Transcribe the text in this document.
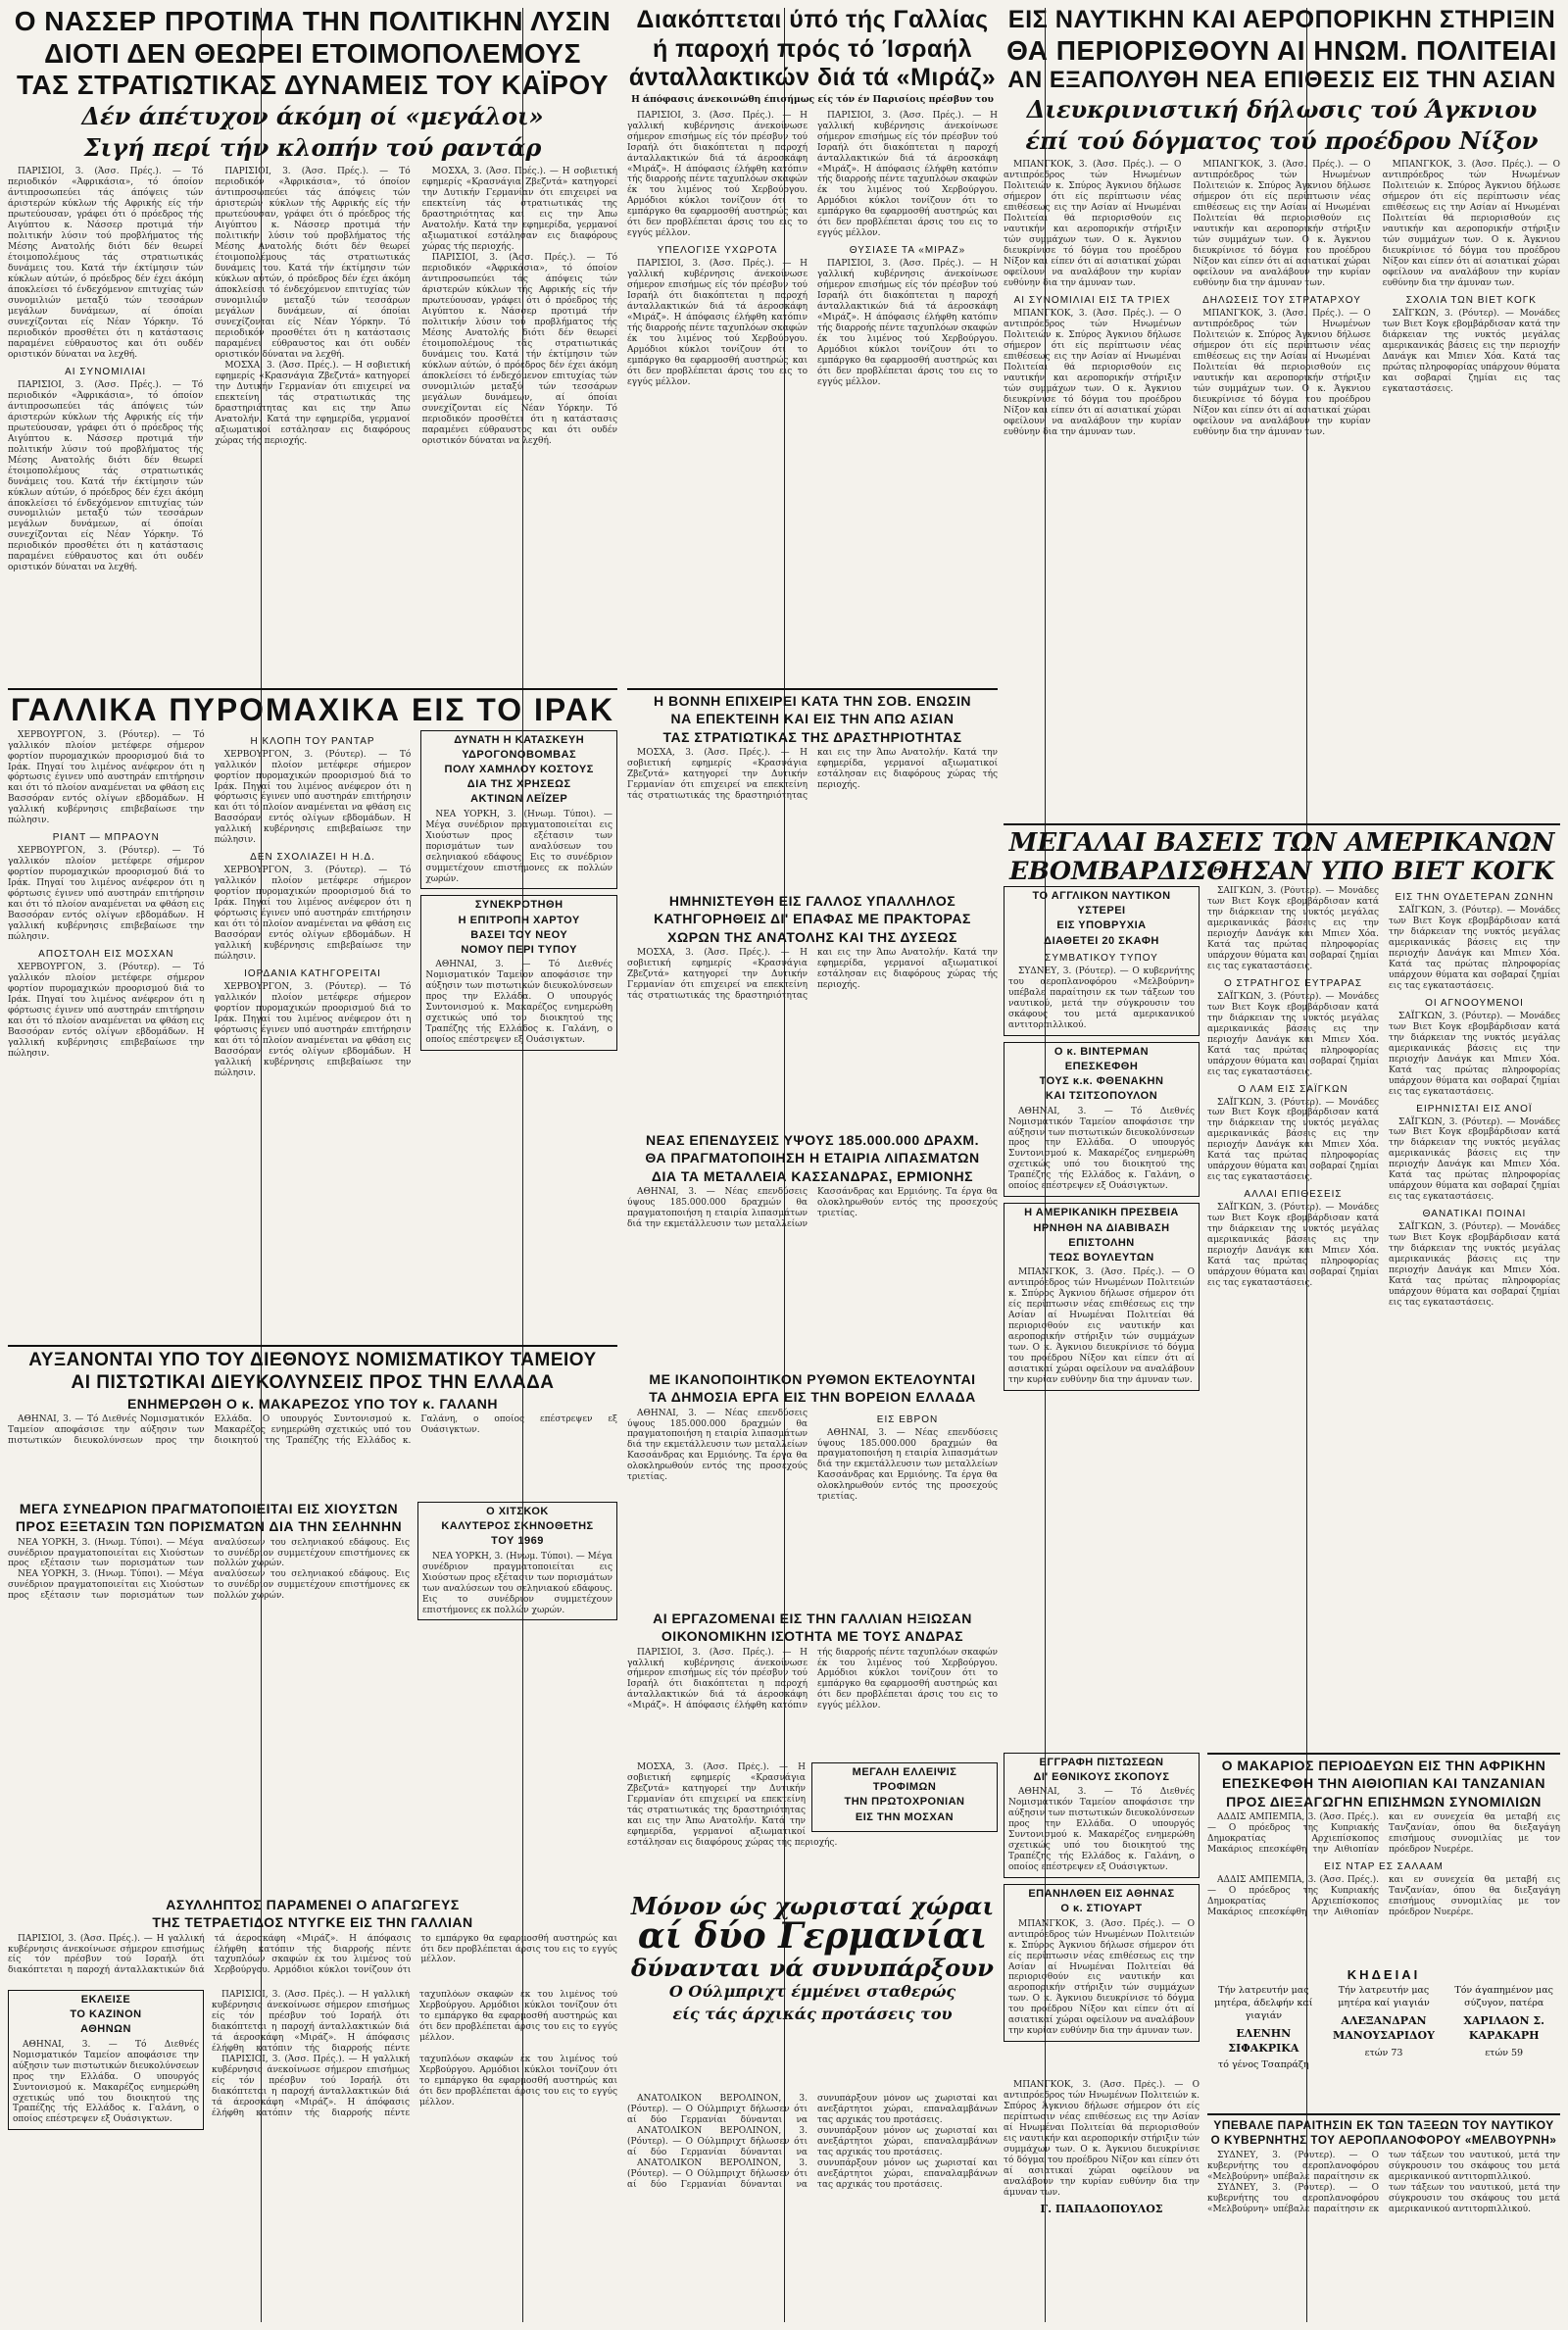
Ο ΝΑΣΣΕΡ ΠΡΟΤΙΜΑ ΤΗΝ ΠΟΛΙΤΙΚΗΝ ΛΥΣΙΝ
ΔΙΟΤΙ ΔΕΝ ΘΕΩΡΕΙ ΕΤΟΙΜΟΠΟΛΕΜΟΥΣ
ΤΑΣ ΣΤΡΑΤΙΩΤΙΚΑΣ ΔΥΝΑΜΕΙΣ ΤΟΥ ΚΑΪΡΟΥ
Δέν άπέτυχον άκόμη οί «μεγάλοι»
Σιγή περί τήν κλοπήν τού ραντάρ

ΠΑΡΙΣΙΟΙ, 3. (Άσσ. Πρές.). — Τό περιοδικόν «Άφρικάσια», τό όποίον άντιπροσωπεύει τάς άπόψεις τών άριστερών κύκλων τής Αφρικής είς τήν πρωτεύουσαν, γράφει ότι ό πρόεδρος τής Αιγύπτου κ. Νάσσερ προτιμά τήν πολιτικήν λύσιν τού προβλήματος τής Μέσης Ανατολής διότι δέν θεωρεί έτοιμοπολέμους τάς στρατιωτικάς δυνάμεις του. Κατά τήν έκτίμησιν τών κύκλων αύτών, ό πρόεδρος δέν έχει άκόμη άποκλείσει τό ένδεχόμενον επιτυχίας τών συνομιλιών μεταξύ τών τεσσάρων μεγάλων δυνάμεων, αί όποίαι συνεχίζονται είς Νέαν Υόρκην. Τό περιοδικόν προσθέτει ότι η κατάστασις παραμένει εύθραυστος και ότι ουδέν οριστικόν δύναται να λεχθή.

ΑΙ ΣΥΝΟΜΙΛΙΑΙ

ΠΑΡΙΣΙΟΙ, 3. (Άσσ. Πρές.). — Τό περιοδικόν «Άφρικάσια», τό όποίον άντιπροσωπεύει τάς άπόψεις τών άριστερών κύκλων τής Αφρικής είς τήν πρωτεύουσαν, γράφει ότι ό πρόεδρος τής Αιγύπτου κ. Νάσσερ προτιμά τήν πολιτικήν λύσιν τού προβλήματος τής Μέσης Ανατολής διότι δέν θεωρεί έτοιμοπολέμους τάς στρατιωτικάς δυνάμεις του. Κατά τήν έκτίμησιν τών κύκλων αύτών, ό πρόεδρος δέν έχει άκόμη άποκλείσει τό ένδεχόμενον επιτυχίας τών συνομιλιών μεταξύ τών τεσσάρων μεγάλων δυνάμεων, αί όποίαι συνεχίζονται είς Νέαν Υόρκην. Τό περιοδικόν προσθέτει ότι η κατάστασις παραμένει εύθραυστος και ότι ουδέν οριστικόν δύναται να λεχθή.

ΠΑΡΙΣΙΟΙ, 3. (Άσσ. Πρές.). — Τό περιοδικόν «Άφρικάσια», τό όποίον άντιπροσωπεύει τάς άπόψεις τών άριστερών κύκλων τής Αφρικής είς τήν πρωτεύουσαν, γράφει ότι ό πρόεδρος τής Αιγύπτου κ. Νάσσερ προτιμά τήν πολιτικήν λύσιν τού προβλήματος τής Μέσης Ανατολής διότι δέν θεωρεί έτοιμοπολέμους τάς στρατιωτικάς δυνάμεις του. Κατά τήν έκτίμησιν τών κύκλων αύτών, ό πρόεδρος δέν έχει άκόμη άποκλείσει τό ένδεχόμενον επιτυχίας τών συνομιλιών μεταξύ τών τεσσάρων μεγάλων δυνάμεων, αί όποίαι συνεχίζονται είς Νέαν Υόρκην. Τό περιοδικόν προσθέτει ότι η κατάστασις παραμένει εύθραυστος και ότι ουδέν οριστικόν δύναται να λεχθή.

ΜΟΣΧΑ, 3. (Άσσ. Πρές.). — Η σοβιετική εφημερίς «Κρασνάγια Ζβεζντά» κατηγορεί την Δυτικήν Γερμανίαν ότι επιχειρεί να επεκτείνη τάς στρατιωτικάς της δραστηριότητας και εις την Άπω Ανατολήν. Κατά την εφημερίδα, γερμανοί αξιωματικοί εστάλησαν εις διαφόρους χώρας τής περιοχής.

ΜΟΣΧΑ, 3. (Άσσ. Πρές.). — Η σοβιετική εφημερίς «Κρασνάγια Ζβεζντά» κατηγορεί την Δυτικήν Γερμανίαν ότι επιχειρεί να επεκτείνη τάς στρατιωτικάς της δραστηριότητας και εις την Άπω Ανατολήν. Κατά την εφημερίδα, γερμανοί αξιωματικοί εστάλησαν εις διαφόρους χώρας τής περιοχής.

ΠΑΡΙΣΙΟΙ, 3. (Άσσ. Πρές.). — Τό περιοδικόν «Άφρικάσια», τό όποίον άντιπροσωπεύει τάς άπόψεις τών άριστερών κύκλων τής Αφρικής είς τήν πρωτεύουσαν, γράφει ότι ό πρόεδρος τής Αιγύπτου κ. Νάσσερ προτιμά τήν πολιτικήν λύσιν τού προβλήματος τής Μέσης Ανατολής διότι δέν θεωρεί έτοιμοπολέμους τάς στρατιωτικάς δυνάμεις του. Κατά τήν έκτίμησιν τών κύκλων αύτών, ό πρόεδρος δέν έχει άκόμη άποκλείσει τό ένδεχόμενον επιτυχίας τών συνομιλιών μεταξύ τών τεσσάρων μεγάλων δυνάμεων, αί όποίαι συνεχίζονται είς Νέαν Υόρκην. Τό περιοδικόν προσθέτει ότι η κατάστασις παραμένει εύθραυστος και ότι ουδέν οριστικόν δύναται να λεχθή.

Διακόπτεται ύπό τής Γαλλίας
ή παροχή πρός τό Ίσραήλ
άνταλλακτικών διά τά «Μιράζ»
Η άπόφασις άνεκοινώθη έπισήμως είς τόν έν Παρισίοις πρέσβυν του

ΠΑΡΙΣΙΟΙ, 3. (Άσσ. Πρές.). — Η γαλλική κυβέρνησις άνεκοίνωσε σήμερον επισήμως είς τόν πρέσβυν τού Ισραήλ ότι διακόπτεται η παροχή άνταλλακτικών διά τά άεροσκάφη «Μιράζ». Η άπόφασις έλήφθη κατόπιν τής διαρροής πέντε ταχυπλόων σκαφών έκ του λιμένος τού Χερβούργου. Αρμόδιοι κύκλοι τονίζουν ότι το εμπάργκο θα εφαρμοσθή αυστηρώς και ότι δεν προβλέπεται άρσις του εις το εγγύς μέλλον.

ΥΠΕΛΟΓΙΣΕ ΥΧΩΡΟΤΑ

ΠΑΡΙΣΙΟΙ, 3. (Άσσ. Πρές.). — Η γαλλική κυβέρνησις άνεκοίνωσε σήμερον επισήμως είς τόν πρέσβυν τού Ισραήλ ότι διακόπτεται η παροχή άνταλλακτικών διά τά άεροσκάφη «Μιράζ». Η άπόφασις έλήφθη κατόπιν τής διαρροής πέντε ταχυπλόων σκαφών έκ του λιμένος τού Χερβούργου. Αρμόδιοι κύκλοι τονίζουν ότι το εμπάργκο θα εφαρμοσθή αυστηρώς και ότι δεν προβλέπεται άρσις του εις το εγγύς μέλλον.

ΠΑΡΙΣΙΟΙ, 3. (Άσσ. Πρές.). — Η γαλλική κυβέρνησις άνεκοίνωσε σήμερον επισήμως είς τόν πρέσβυν τού Ισραήλ ότι διακόπτεται η παροχή άνταλλακτικών διά τά άεροσκάφη «Μιράζ». Η άπόφασις έλήφθη κατόπιν τής διαρροής πέντε ταχυπλόων σκαφών έκ του λιμένος τού Χερβούργου. Αρμόδιοι κύκλοι τονίζουν ότι το εμπάργκο θα εφαρμοσθή αυστηρώς και ότι δεν προβλέπεται άρσις του εις το εγγύς μέλλον.

ΘΥΣΙΑΣΕ ΤΑ «ΜΙΡΑΖ»

ΠΑΡΙΣΙΟΙ, 3. (Άσσ. Πρές.). — Η γαλλική κυβέρνησις άνεκοίνωσε σήμερον επισήμως είς τόν πρέσβυν τού Ισραήλ ότι διακόπτεται η παροχή άνταλλακτικών διά τά άεροσκάφη «Μιράζ». Η άπόφασις έλήφθη κατόπιν τής διαρροής πέντε ταχυπλόων σκαφών έκ του λιμένος τού Χερβούργου. Αρμόδιοι κύκλοι τονίζουν ότι το εμπάργκο θα εφαρμοσθή αυστηρώς και ότι δεν προβλέπεται άρσις του εις το εγγύς μέλλον.

ΕΙΣ ΝΑΥΤΙΚΗΝ ΚΑΙ ΑΕΡΟΠΟΡΙΚΗΝ ΣΤΗΡΙΞΙΝ
ΘΑ ΠΕΡΙΟΡΙΣΘΟΥΝ ΑΙ ΗΝΩΜ. ΠΟΛΙΤΕΙΑΙ
ΑΝ ΕΞΑΠΟΛΥΘΗ ΝΕΑ ΕΠΙΘΕΣΙΣ ΕΙΣ ΤΗΝ ΑΣΙΑΝ
Διευκρινιστική δήλωσις τού Άγκνιου
έπί τού δόγματος τού προέδρου Νίξον

ΜΠΑΝΓΚΟΚ, 3. (Άσσ. Πρές.). — Ο αντιπρόεδρος τών Ηνωμένων Πολιτειών κ. Σπύρος Άγκνιου δήλωσε σήμερον ότι είς περίπτωσιν νέας επιθέσεως εις την Ασίαν αί Ηνωμέναι Πολιτείαι θά περιορισθούν εις ναυτικήν και αεροπορικήν στήριξιν τών συμμάχων των. Ο κ. Άγκνιου διευκρίνισε τό δόγμα του προέδρου Νίξον και είπεν ότι αί ασιατικαί χώραι οφείλουν να αναλάβουν την κυρίαν ευθύνην δια την άμυναν των.

ΑΙ ΣΥΝΟΜΙΛΙΑΙ ΕΙΣ ΤΑ ΤΡΙΕΧ

ΜΠΑΝΓΚΟΚ, 3. (Άσσ. Πρές.). — Ο αντιπρόεδρος τών Ηνωμένων Πολιτειών κ. Σπύρος Άγκνιου δήλωσε σήμερον ότι είς περίπτωσιν νέας επιθέσεως εις την Ασίαν αί Ηνωμέναι Πολιτείαι θά περιορισθούν εις ναυτικήν και αεροπορικήν στήριξιν τών συμμάχων των. Ο κ. Άγκνιου διευκρίνισε τό δόγμα του προέδρου Νίξον και είπεν ότι αί ασιατικαί χώραι οφείλουν να αναλάβουν την κυρίαν ευθύνην δια την άμυναν των.

ΜΠΑΝΓΚΟΚ, 3. (Άσσ. Πρές.). — Ο αντιπρόεδρος τών Ηνωμένων Πολιτειών κ. Σπύρος Άγκνιου δήλωσε σήμερον ότι είς περίπτωσιν νέας επιθέσεως εις την Ασίαν αί Ηνωμέναι Πολιτείαι θά περιορισθούν εις ναυτικήν και αεροπορικήν στήριξιν τών συμμάχων των. Ο κ. Άγκνιου διευκρίνισε τό δόγμα του προέδρου Νίξον και είπεν ότι αί ασιατικαί χώραι οφείλουν να αναλάβουν την κυρίαν ευθύνην δια την άμυναν των.

ΔΗΛΩΣΕΙΣ ΤΟΥ ΣΤΡΑΤΑΡΧΟΥ

ΜΠΑΝΓΚΟΚ, 3. (Άσσ. Πρές.). — Ο αντιπρόεδρος τών Ηνωμένων Πολιτειών κ. Σπύρος Άγκνιου δήλωσε σήμερον ότι είς περίπτωσιν νέας επιθέσεως εις την Ασίαν αί Ηνωμέναι Πολιτείαι θά περιορισθούν εις ναυτικήν και αεροπορικήν στήριξιν τών συμμάχων των. Ο κ. Άγκνιου διευκρίνισε τό δόγμα του προέδρου Νίξον και είπεν ότι αί ασιατικαί χώραι οφείλουν να αναλάβουν την κυρίαν ευθύνην δια την άμυναν των.

ΜΠΑΝΓΚΟΚ, 3. (Άσσ. Πρές.). — Ο αντιπρόεδρος τών Ηνωμένων Πολιτειών κ. Σπύρος Άγκνιου δήλωσε σήμερον ότι είς περίπτωσιν νέας επιθέσεως εις την Ασίαν αί Ηνωμέναι Πολιτείαι θά περιορισθούν εις ναυτικήν και αεροπορικήν στήριξιν τών συμμάχων των. Ο κ. Άγκνιου διευκρίνισε τό δόγμα του προέδρου Νίξον και είπεν ότι αί ασιατικαί χώραι οφείλουν να αναλάβουν την κυρίαν ευθύνην δια την άμυναν των.

ΣΧΟΛΙΑ ΤΩΝ ΒΙΕΤ ΚΟΓΚ

ΣΑΪΓΚΩΝ, 3. (Ρόυτερ). — Μονάδες των Βιετ Κογκ εβομβάρδισαν κατά την διάρκειαν της νυκτός μεγάλας αμερικανικάς βάσεις εις την περιοχήν Δανάγκ και Μπιεν Χόα. Κατά τας πρώτας πληροφορίας υπάρχουν θύματα και σοβαραί ζημίαι εις τας εγκαταστάσεις.

ΓΑΛΛΙΚΑ ΠΥΡΟΜΑΧΙΚΑ ΕΙΣ ΤΟ ΙΡΑΚ

ΧΕΡΒΟΥΡΓΟΝ, 3. (Ρόυτερ). — Τό γαλλικόν πλοίον μετέφερε σήμερον φορτίον πυρομαχικών προορισμού διά το Ιράκ. Πηγαί του λιμένος ανέφερον ότι η φόρτωσις έγινεν υπό αυστηράν επιτήρησιν και ότι τό πλοίον αναμένεται να φθάση εις Βασσόραν εντός ολίγων εβδομάδων. Η γαλλική κυβέρνησις επιβεβαίωσε την πώλησιν.

ΡΙΑΝΤ — ΜΠΡΑΟΥΝ

ΧΕΡΒΟΥΡΓΟΝ, 3. (Ρόυτερ). — Τό γαλλικόν πλοίον μετέφερε σήμερον φορτίον πυρομαχικών προορισμού διά το Ιράκ. Πηγαί του λιμένος ανέφερον ότι η φόρτωσις έγινεν υπό αυστηράν επιτήρησιν και ότι τό πλοίον αναμένεται να φθάση εις Βασσόραν εντός ολίγων εβδομάδων. Η γαλλική κυβέρνησις επιβεβαίωσε την πώλησιν.

ΑΠΟΣΤΟΛΗ ΕΙΣ ΜΟΣΧΑΝ

ΧΕΡΒΟΥΡΓΟΝ, 3. (Ρόυτερ). — Τό γαλλικόν πλοίον μετέφερε σήμερον φορτίον πυρομαχικών προορισμού διά το Ιράκ. Πηγαί του λιμένος ανέφερον ότι η φόρτωσις έγινεν υπό αυστηράν επιτήρησιν και ότι τό πλοίον αναμένεται να φθάση εις Βασσόραν εντός ολίγων εβδομάδων. Η γαλλική κυβέρνησις επιβεβαίωσε την πώλησιν.

Η ΚΛΟΠΗ ΤΟΥ ΡΑΝΤΑΡ

ΧΕΡΒΟΥΡΓΟΝ, 3. (Ρόυτερ). — Τό γαλλικόν πλοίον μετέφερε σήμερον φορτίον πυρομαχικών προορισμού διά το Ιράκ. Πηγαί του λιμένος ανέφερον ότι η φόρτωσις έγινεν υπό αυστηράν επιτήρησιν και ότι τό πλοίον αναμένεται να φθάση εις Βασσόραν εντός ολίγων εβδομάδων. Η γαλλική κυβέρνησις επιβεβαίωσε την πώλησιν.

ΔΕΝ ΣΧΟΛΙΑΖΕΙ Η Η.Δ.

ΧΕΡΒΟΥΡΓΟΝ, 3. (Ρόυτερ). — Τό γαλλικόν πλοίον μετέφερε σήμερον φορτίον πυρομαχικών προορισμού διά το Ιράκ. Πηγαί του λιμένος ανέφερον ότι η φόρτωσις έγινεν υπό αυστηράν επιτήρησιν και ότι τό πλοίον αναμένεται να φθάση εις Βασσόραν εντός ολίγων εβδομάδων. Η γαλλική κυβέρνησις επιβεβαίωσε την πώλησιν.

ΙΟΡΔΑΝΙΑ ΚΑΤΗΓΟΡΕΙΤΑΙ

ΧΕΡΒΟΥΡΓΟΝ, 3. (Ρόυτερ). — Τό γαλλικόν πλοίον μετέφερε σήμερον φορτίον πυρομαχικών προορισμού διά το Ιράκ. Πηγαί του λιμένος ανέφερον ότι η φόρτωσις έγινεν υπό αυστηράν επιτήρησιν και ότι τό πλοίον αναμένεται να φθάση εις Βασσόραν εντός ολίγων εβδομάδων. Η γαλλική κυβέρνησις επιβεβαίωσε την πώλησιν.

ΔΥΝΑΤΗ Η ΚΑΤΑΣΚΕΥΗ
ΥΔΡΟΓΟΝΟΒΟΜΒΑΣ
ΠΟΛΥ ΧΑΜΗΛΟΥ ΚΟΣΤΟΥΣ
ΔΙΑ ΤΗΣ ΧΡΗΣΕΩΣ
ΑΚΤΙΝΩΝ ΛΕΪΖΕΡ

ΝΕΑ ΥΟΡΚΗ, 3. (Ηνωμ. Τύποι). — Μέγα συνέδριον πραγματοποιείται εις Χιούστων προς εξέτασιν των πορισμάτων των αναλύσεων του σεληνιακού εδάφους. Εις το συνέδριον συμμετέχουν επιστήμονες εκ πολλών χωρών.

ΣΥΝΕΚΡΟΤΗΘΗ
Η ΕΠΙΤΡΟΠΗ ΧΑΡΤΟΥ
ΒΑΣΕΙ ΤΟΥ ΝΕΟΥ
ΝΟΜΟΥ ΠΕΡΙ ΤΥΠΟΥ

ΑΘΗΝΑΙ, 3. — Τό Διεθνές Νομισματικόν Ταμείον αποφάσισε την αύξησιν των πιστωτικών διευκολύνσεων προς την Ελλάδα. Ο υπουργός Συντονισμού κ. Μακαρέζος ενημερώθη σχετικώς υπό του διοικητού της Τραπέζης τής Ελλάδος κ. Γαλάνη, ο οποίος επέστρεψεν εξ Ουάσιγκτων.

Η ΒΟΝΝΗ ΕΠΙΧΕΙΡΕΙ ΚΑΤΑ ΤΗΝ ΣΟΒ. ΕΝΩΣΙΝ
ΝΑ ΕΠΕΚΤΕΙΝΗ ΚΑΙ ΕΙΣ ΤΗΝ ΑΠΩ ΑΣΙΑΝ
ΤΑΣ ΣΤΡΑΤΙΩΤΙΚΑΣ ΤΗΣ ΔΡΑΣΤΗΡΙΟΤΗΤΑΣ

ΜΟΣΧΑ, 3. (Άσσ. Πρές.). — Η σοβιετική εφημερίς «Κρασνάγια Ζβεζντά» κατηγορεί την Δυτικήν Γερμανίαν ότι επιχειρεί να επεκτείνη τάς στρατιωτικάς της δραστηριότητας και εις την Άπω Ανατολήν. Κατά την εφημερίδα, γερμανοί αξιωματικοί εστάλησαν εις διαφόρους χώρας τής περιοχής.

ΗΜΗΝΙΣΤΕΥΘΗ ΕΙΣ ΓΑΛΛΟΣ ΥΠΑΛΛΗΛΟΣ
ΚΑΤΗΓΟΡΗΘΕΙΣ ΔΙ' ΕΠΑΦΑΣ ΜΕ ΠΡΑΚΤΟΡΑΣ
ΧΩΡΩΝ ΤΗΣ ΑΝΑΤΟΛΗΣ ΚΑΙ ΤΗΣ ΔΥΣΕΩΣ

ΜΟΣΧΑ, 3. (Άσσ. Πρές.). — Η σοβιετική εφημερίς «Κρασνάγια Ζβεζντά» κατηγορεί την Δυτικήν Γερμανίαν ότι επιχειρεί να επεκτείνη τάς στρατιωτικάς της δραστηριότητας και εις την Άπω Ανατολήν. Κατά την εφημερίδα, γερμανοί αξιωματικοί εστάλησαν εις διαφόρους χώρας τής περιοχής.

ΝΕΑΣ ΕΠΕΝΔΥΣΕΙΣ ΥΨΟΥΣ 185.000.000 ΔΡΑΧΜ.
ΘΑ ΠΡΑΓΜΑΤΟΠΟΙΗΣΗ Η ΕΤΑΙΡΙΑ ΛΙΠΑΣΜΑΤΩΝ
ΔΙΑ ΤΑ ΜΕΤΑΛΛΕΙΑ ΚΑΣΣΑΝΔΡΑΣ, ΕΡΜΙΟΝΗΣ

ΑΘΗΝΑΙ, 3. — Νέας επενδύσεις ύψους 185.000.000 δραχμών θα πραγματοποιήση η εταιρία λιπασμάτων διά την εκμετάλλευσιν των μεταλλείων Κασσάνδρας και Ερμιόνης. Τα έργα θα ολοκληρωθούν εντός της προσεχούς τριετίας.

ΜΕΓΑΛΑΙ ΒΑΣΕΙΣ ΤΩΝ ΑΜΕΡΙΚΑΝΩΝ
ΕΒΟΜΒΑΡΔΙΣΘΗΣΑΝ ΥΠΟ ΒΙΕΤ ΚΟΓΚ
ΤΟ ΑΓΓΛΙΚΟΝ ΝΑΥΤΙΚΟΝ
ΥΣΤΕΡΕΙ
ΕΙΣ ΥΠΟΒΡΥΧΙΑ
ΔΙΑΘΕΤΕΙ 20 ΣΚΑΦΗ
ΣΥΜΒΑΤΙΚΟΥ ΤΥΠΟΥ

ΣΥΔΝΕΥ, 3. (Ρόυτερ). — Ο κυβερνήτης του αεροπλανοφόρου «Μελβούρνη» υπέβαλε παραίτησιν εκ των τάξεων του ναυτικού, μετά την σύγκρουσιν του σκάφους του μετά αμερικανικού αντιτορπιλλικού.

Ο κ. ΒΙΝΤΕΡΜΑΝ
ΕΠΕΣΚΕΦΘΗ
ΤΟΥΣ κ.κ. ΦΘΕΝΑΚΗΝ
ΚΑΙ ΤΣΙΤΣΟΠΟΥΛΟΝ

ΑΘΗΝΑΙ, 3. — Τό Διεθνές Νομισματικόν Ταμείον αποφάσισε την αύξησιν των πιστωτικών διευκολύνσεων προς την Ελλάδα. Ο υπουργός Συντονισμού κ. Μακαρέζος ενημερώθη σχετικώς υπό του διοικητού της Τραπέζης τής Ελλάδος κ. Γαλάνη, ο οποίος επέστρεψεν εξ Ουάσιγκτων.

Η ΑΜΕΡΙΚΑΝΙΚΗ ΠΡΕΣΒΕΙΑ
ΗΡΝΗΘΗ ΝΑ ΔΙΑΒΙΒΑΣΗ
ΕΠΙΣΤΟΛΗΝ
ΤΕΩΣ ΒΟΥΛΕΥΤΩΝ

ΜΠΑΝΓΚΟΚ, 3. (Άσσ. Πρές.). — Ο αντιπρόεδρος τών Ηνωμένων Πολιτειών κ. Σπύρος Άγκνιου δήλωσε σήμερον ότι είς περίπτωσιν νέας επιθέσεως εις την Ασίαν αί Ηνωμέναι Πολιτείαι θά περιορισθούν εις ναυτικήν και αεροπορικήν στήριξιν τών συμμάχων των. Ο κ. Άγκνιου διευκρίνισε τό δόγμα του προέδρου Νίξον και είπεν ότι αί ασιατικαί χώραι οφείλουν να αναλάβουν την κυρίαν ευθύνην δια την άμυναν των.

ΣΑΪΓΚΩΝ, 3. (Ρόυτερ). — Μονάδες των Βιετ Κογκ εβομβάρδισαν κατά την διάρκειαν της νυκτός μεγάλας αμερικανικάς βάσεις εις την περιοχήν Δανάγκ και Μπιεν Χόα. Κατά τας πρώτας πληροφορίας υπάρχουν θύματα και σοβαραί ζημίαι εις τας εγκαταστάσεις.

Ο ΣΤΡΑΤΗΓΟΣ ΕΥΤΡΑΡΑΣ

ΣΑΪΓΚΩΝ, 3. (Ρόυτερ). — Μονάδες των Βιετ Κογκ εβομβάρδισαν κατά την διάρκειαν της νυκτός μεγάλας αμερικανικάς βάσεις εις την περιοχήν Δανάγκ και Μπιεν Χόα. Κατά τας πρώτας πληροφορίας υπάρχουν θύματα και σοβαραί ζημίαι εις τας εγκαταστάσεις.

Ο ΛΑΜ ΕΙΣ ΣΑΪΓΚΩΝ

ΣΑΪΓΚΩΝ, 3. (Ρόυτερ). — Μονάδες των Βιετ Κογκ εβομβάρδισαν κατά την διάρκειαν της νυκτός μεγάλας αμερικανικάς βάσεις εις την περιοχήν Δανάγκ και Μπιεν Χόα. Κατά τας πρώτας πληροφορίας υπάρχουν θύματα και σοβαραί ζημίαι εις τας εγκαταστάσεις.

ΑΛΛΑΙ ΕΠΙΘΕΣΕΙΣ

ΣΑΪΓΚΩΝ, 3. (Ρόυτερ). — Μονάδες των Βιετ Κογκ εβομβάρδισαν κατά την διάρκειαν της νυκτός μεγάλας αμερικανικάς βάσεις εις την περιοχήν Δανάγκ και Μπιεν Χόα. Κατά τας πρώτας πληροφορίας υπάρχουν θύματα και σοβαραί ζημίαι εις τας εγκαταστάσεις.

ΕΙΣ ΤΗΝ ΟΥΔΕΤΕΡΑΝ ΖΩΝΗΝ

ΣΑΪΓΚΩΝ, 3. (Ρόυτερ). — Μονάδες των Βιετ Κογκ εβομβάρδισαν κατά την διάρκειαν της νυκτός μεγάλας αμερικανικάς βάσεις εις την περιοχήν Δανάγκ και Μπιεν Χόα. Κατά τας πρώτας πληροφορίας υπάρχουν θύματα και σοβαραί ζημίαι εις τας εγκαταστάσεις.

ΟΙ ΑΓΝΟΟΥΜΕΝΟΙ

ΣΑΪΓΚΩΝ, 3. (Ρόυτερ). — Μονάδες των Βιετ Κογκ εβομβάρδισαν κατά την διάρκειαν της νυκτός μεγάλας αμερικανικάς βάσεις εις την περιοχήν Δανάγκ και Μπιεν Χόα. Κατά τας πρώτας πληροφορίας υπάρχουν θύματα και σοβαραί ζημίαι εις τας εγκαταστάσεις.

ΕΙΡΗΝΙΣΤΑΙ ΕΙΣ ΑΝΟΪ

ΣΑΪΓΚΩΝ, 3. (Ρόυτερ). — Μονάδες των Βιετ Κογκ εβομβάρδισαν κατά την διάρκειαν της νυκτός μεγάλας αμερικανικάς βάσεις εις την περιοχήν Δανάγκ και Μπιεν Χόα. Κατά τας πρώτας πληροφορίας υπάρχουν θύματα και σοβαραί ζημίαι εις τας εγκαταστάσεις.

ΘΑΝΑΤΙΚΑΙ ΠΟΙΝΑΙ

ΣΑΪΓΚΩΝ, 3. (Ρόυτερ). — Μονάδες των Βιετ Κογκ εβομβάρδισαν κατά την διάρκειαν της νυκτός μεγάλας αμερικανικάς βάσεις εις την περιοχήν Δανάγκ και Μπιεν Χόα. Κατά τας πρώτας πληροφορίας υπάρχουν θύματα και σοβαραί ζημίαι εις τας εγκαταστάσεις.

ΑΥΞΑΝΟΝΤΑΙ ΥΠΟ ΤΟΥ ΔΙΕΘΝΟΥΣ ΝΟΜΙΣΜΑΤΙΚΟΥ ΤΑΜΕΙΟΥ
ΑΙ ΠΙΣΤΩΤΙΚΑΙ ΔΙΕΥΚΟΛΥΝΣΕΙΣ ΠΡΟΣ ΤΗΝ ΕΛΛΑΔΑ
ΕΝΗΜΕΡΩΘΗ Ο κ. ΜΑΚΑΡΕΖΟΣ ΥΠΟ ΤΟΥ κ. ΓΑΛΑΝΗ

ΑΘΗΝΑΙ, 3. — Τό Διεθνές Νομισματικόν Ταμείον αποφάσισε την αύξησιν των πιστωτικών διευκολύνσεων προς την Ελλάδα. Ο υπουργός Συντονισμού κ. Μακαρέζος ενημερώθη σχετικώς υπό του διοικητού της Τραπέζης τής Ελλάδος κ. Γαλάνη, ο οποίος επέστρεψεν εξ Ουάσιγκτων.

ΜΕΓΑ ΣΥΝΕΔΡΙΟΝ ΠΡΑΓΜΑΤΟΠΟΙΕΙΤΑΙ ΕΙΣ ΧΙΟΥΣΤΩΝ
ΠΡΟΣ ΕΞΕΤΑΣΙΝ ΤΩΝ ΠΟΡΙΣΜΑΤΩΝ ΔΙΑ ΤΗΝ ΣΕΛΗΝΗΝ

ΝΕΑ ΥΟΡΚΗ, 3. (Ηνωμ. Τύποι). — Μέγα συνέδριον πραγματοποιείται εις Χιούστων προς εξέτασιν των πορισμάτων των αναλύσεων του σεληνιακού εδάφους. Εις το συνέδριον συμμετέχουν επιστήμονες εκ πολλών χωρών.

ΝΕΑ ΥΟΡΚΗ, 3. (Ηνωμ. Τύποι). — Μέγα συνέδριον πραγματοποιείται εις Χιούστων προς εξέτασιν των πορισμάτων των αναλύσεων του σεληνιακού εδάφους. Εις το συνέδριον συμμετέχουν επιστήμονες εκ πολλών χωρών.

Ο ΧΙΤΣΚΟΚ
ΚΑΛΥΤΕΡΟΣ ΣΚΗΝΟΘΕΤΗΣ
ΤΟΥ 1969

ΝΕΑ ΥΟΡΚΗ, 3. (Ηνωμ. Τύποι). — Μέγα συνέδριον πραγματοποιείται εις Χιούστων προς εξέτασιν των πορισμάτων των αναλύσεων του σεληνιακού εδάφους. Εις το συνέδριον συμμετέχουν επιστήμονες εκ πολλών χωρών.

ΑΣΥΛΛΗΠΤΟΣ ΠΑΡΑΜΕΝΕΙ Ο ΑΠΑΓΩΓΕΥΣ
ΤΗΣ ΤΕΤΡΑΕΤΙΔΟΣ ΝΤΥΓΚΕ ΕΙΣ ΤΗΝ ΓΑΛΛΙΑΝ

ΠΑΡΙΣΙΟΙ, 3. (Άσσ. Πρές.). — Η γαλλική κυβέρνησις άνεκοίνωσε σήμερον επισήμως είς τόν πρέσβυν τού Ισραήλ ότι διακόπτεται η παροχή άνταλλακτικών διά τά άεροσκάφη «Μιράζ». Η άπόφασις έλήφθη κατόπιν τής διαρροής πέντε ταχυπλόων σκαφών έκ του λιμένος τού Χερβούργου. Αρμόδιοι κύκλοι τονίζουν ότι το εμπάργκο θα εφαρμοσθή αυστηρώς και ότι δεν προβλέπεται άρσις του εις το εγγύς μέλλον.

ΕΚΛΕΙΣΕ
ΤΟ ΚΑΖΙΝΟΝ
ΑΘΗΝΩΝ

ΑΘΗΝΑΙ, 3. — Τό Διεθνές Νομισματικόν Ταμείον αποφάσισε την αύξησιν των πιστωτικών διευκολύνσεων προς την Ελλάδα. Ο υπουργός Συντονισμού κ. Μακαρέζος ενημερώθη σχετικώς υπό του διοικητού της Τραπέζης τής Ελλάδος κ. Γαλάνη, ο οποίος επέστρεψεν εξ Ουάσιγκτων.

ΠΑΡΙΣΙΟΙ, 3. (Άσσ. Πρές.). — Η γαλλική κυβέρνησις άνεκοίνωσε σήμερον επισήμως είς τόν πρέσβυν τού Ισραήλ ότι διακόπτεται η παροχή άνταλλακτικών διά τά άεροσκάφη «Μιράζ». Η άπόφασις έλήφθη κατόπιν τής διαρροής πέντε ταχυπλόων σκαφών έκ του λιμένος τού Χερβούργου. Αρμόδιοι κύκλοι τονίζουν ότι το εμπάργκο θα εφαρμοσθή αυστηρώς και ότι δεν προβλέπεται άρσις του εις το εγγύς μέλλον.

ΠΑΡΙΣΙΟΙ, 3. (Άσσ. Πρές.). — Η γαλλική κυβέρνησις άνεκοίνωσε σήμερον επισήμως είς τόν πρέσβυν τού Ισραήλ ότι διακόπτεται η παροχή άνταλλακτικών διά τά άεροσκάφη «Μιράζ». Η άπόφασις έλήφθη κατόπιν τής διαρροής πέντε ταχυπλόων σκαφών έκ του λιμένος τού Χερβούργου. Αρμόδιοι κύκλοι τονίζουν ότι το εμπάργκο θα εφαρμοσθή αυστηρώς και ότι δεν προβλέπεται άρσις του εις το εγγύς μέλλον.

ΜΕ ΙΚΑΝΟΠΟΙΗΤΙΚΟΝ ΡΥΘΜΟΝ ΕΚΤΕΛΟΥΝΤΑΙ
ΤΑ ΔΗΜΟΣΙΑ ΕΡΓΑ ΕΙΣ ΤΗΝ ΒΟΡΕΙΟΝ ΕΛΛΑΔΑ

ΑΘΗΝΑΙ, 3. — Νέας επενδύσεις ύψους 185.000.000 δραχμών θα πραγματοποιήση η εταιρία λιπασμάτων διά την εκμετάλλευσιν των μεταλλείων Κασσάνδρας και Ερμιόνης. Τα έργα θα ολοκληρωθούν εντός της προσεχούς τριετίας.

ΕΙΣ ΕΒΡΟΝ

ΑΘΗΝΑΙ, 3. — Νέας επενδύσεις ύψους 185.000.000 δραχμών θα πραγματοποιήση η εταιρία λιπασμάτων διά την εκμετάλλευσιν των μεταλλείων Κασσάνδρας και Ερμιόνης. Τα έργα θα ολοκληρωθούν εντός της προσεχούς τριετίας.

ΑΙ ΕΡΓΑΖΟΜΕΝΑΙ ΕΙΣ ΤΗΝ ΓΑΛΛΙΑΝ ΗΞΙΩΣΑΝ
ΟΙΚΟΝΟΜΙΚΗΝ ΙΣΟΤΗΤΑ ΜΕ ΤΟΥΣ ΑΝΔΡΑΣ

ΠΑΡΙΣΙΟΙ, 3. (Άσσ. Πρές.). — Η γαλλική κυβέρνησις άνεκοίνωσε σήμερον επισήμως είς τόν πρέσβυν τού Ισραήλ ότι διακόπτεται η παροχή άνταλλακτικών διά τά άεροσκάφη «Μιράζ». Η άπόφασις έλήφθη κατόπιν τής διαρροής πέντε ταχυπλόων σκαφών έκ του λιμένος τού Χερβούργου. Αρμόδιοι κύκλοι τονίζουν ότι το εμπάργκο θα εφαρμοσθή αυστηρώς και ότι δεν προβλέπεται άρσις του εις το εγγύς μέλλον.

ΜΕΓΑΛΗ ΕΛΛΕΙΨΙΣ
ΤΡΟΦΙΜΩΝ
ΤΗΝ ΠΡΩΤΟΧΡΟΝΙΑΝ
ΕΙΣ ΤΗΝ ΜΟΣΧΑΝ

ΜΟΣΧΑ, 3. (Άσσ. Πρές.). — Η σοβιετική εφημερίς «Κρασνάγια Ζβεζντά» κατηγορεί την Δυτικήν Γερμανίαν ότι επιχειρεί να επεκτείνη τάς στρατιωτικάς της δραστηριότητας και εις την Άπω Ανατολήν. Κατά την εφημερίδα, γερμανοί αξιωματικοί εστάλησαν εις διαφόρους χώρας τής περιοχής.

Μόνον ώς χωρισταί χώραι
αί δύο Γερμανίαι
δύνανται νά συνυπάρξουν
Ο Ούλμπριχτ έμμένει σταθερώς
είς τάς άρχικάς προτάσεις του

ΑΝΑΤΟΛΙΚΟΝ ΒΕΡΟΛΙΝΟΝ, 3. (Ρόυτερ). — Ο Ούλμπριχτ δήλωσεν ότι αί δύο Γερμανίαι δύνανται να συνυπάρξουν μόνον ως χωρισταί και ανεξάρτητοι χώραι, επαναλαμβάνων τας αρχικάς του προτάσεις.

ΑΝΑΤΟΛΙΚΟΝ ΒΕΡΟΛΙΝΟΝ, 3. (Ρόυτερ). — Ο Ούλμπριχτ δήλωσεν ότι αί δύο Γερμανίαι δύνανται να συνυπάρξουν μόνον ως χωρισταί και ανεξάρτητοι χώραι, επαναλαμβάνων τας αρχικάς του προτάσεις.

ΑΝΑΤΟΛΙΚΟΝ ΒΕΡΟΛΙΝΟΝ, 3. (Ρόυτερ). — Ο Ούλμπριχτ δήλωσεν ότι αί δύο Γερμανίαι δύνανται να συνυπάρξουν μόνον ως χωρισταί και ανεξάρτητοι χώραι, επαναλαμβάνων τας αρχικάς του προτάσεις.

ΕΓΓΡΑΦΗ ΠΙΣΤΩΣΕΩΝ
ΔΙ' ΕΘΝΙΚΟΥΣ ΣΚΟΠΟΥΣ

ΑΘΗΝΑΙ, 3. — Τό Διεθνές Νομισματικόν Ταμείον αποφάσισε την αύξησιν των πιστωτικών διευκολύνσεων προς την Ελλάδα. Ο υπουργός Συντονισμού κ. Μακαρέζος ενημερώθη σχετικώς υπό του διοικητού της Τραπέζης τής Ελλάδος κ. Γαλάνη, ο οποίος επέστρεψεν εξ Ουάσιγκτων.

ΕΠΑΝΗΛΘΕΝ ΕΙΣ ΑΘΗΝΑΣ
Ο κ. ΣΤΙΟΥΑΡΤ

ΜΠΑΝΓΚΟΚ, 3. (Άσσ. Πρές.). — Ο αντιπρόεδρος τών Ηνωμένων Πολιτειών κ. Σπύρος Άγκνιου δήλωσε σήμερον ότι είς περίπτωσιν νέας επιθέσεως εις την Ασίαν αί Ηνωμέναι Πολιτείαι θά περιορισθούν εις ναυτικήν και αεροπορικήν στήριξιν τών συμμάχων των. Ο κ. Άγκνιου διευκρίνισε τό δόγμα του προέδρου Νίξον και είπεν ότι αί ασιατικαί χώραι οφείλουν να αναλάβουν την κυρίαν ευθύνην δια την άμυναν των.

Ο ΜΑΚΑΡΙΟΣ ΠΕΡΙΟΔΕΥΩΝ ΕΙΣ ΤΗΝ ΑΦΡΙΚΗΝ
ΕΠΕΣΚΕΦΘΗ ΤΗΝ ΑΙΘΙΟΠΙΑΝ ΚΑΙ ΤΑΝΖΑΝΙΑΝ
ΠΡΟΣ ΔΙΕΞΑΓΩΓΗΝ ΕΠΙΣΗΜΩΝ ΣΥΝΟΜΙΛΙΩΝ

ΑΔΔΙΣ ΑΜΠΕΜΠΑ, 3. (Άσσ. Πρές.). — Ο πρόεδρος της Κυπριακής Δημοκρατίας Αρχιεπίσκοπος Μακάριος επεσκέφθη την Αιθιοπίαν και εν συνεχεία θα μεταβή εις Τανζανίαν, όπου θα διεξαγάγη επισήμους συνομιλίας με τον πρόεδρον Νυερέρε.

ΕΙΣ ΝΤΑΡ ΕΣ ΣΑΛΑΑΜ

ΑΔΔΙΣ ΑΜΠΕΜΠΑ, 3. (Άσσ. Πρές.). — Ο πρόεδρος της Κυπριακής Δημοκρατίας Αρχιεπίσκοπος Μακάριος επεσκέφθη την Αιθιοπίαν και εν συνεχεία θα μεταβή εις Τανζανίαν, όπου θα διεξαγάγη επισήμους συνομιλίας με τον πρόεδρον Νυερέρε.

ΜΠΑΝΓΚΟΚ, 3. (Άσσ. Πρές.). — Ο αντιπρόεδρος τών Ηνωμένων Πολιτειών κ. Σπύρος Άγκνιου δήλωσε σήμερον ότι είς περίπτωσιν νέας επιθέσεως εις την Ασίαν αί Ηνωμέναι Πολιτείαι θά περιορισθούν εις ναυτικήν και αεροπορικήν στήριξιν τών συμμάχων των. Ο κ. Άγκνιου διευκρίνισε τό δόγμα του προέδρου Νίξον και είπεν ότι αί ασιατικαί χώραι οφείλουν να αναλάβουν την κυρίαν ευθύνην δια την άμυναν των.

Γ. ΠΑΠΑΔΟΠΟΥΛΟΣ
ΥΠΕΒΑΛΕ ΠΑΡΑΙΤΗΣΙΝ ΕΚ ΤΩΝ ΤΑΞΕΩΝ ΤΟΥ ΝΑΥΤΙΚΟΥ
Ο ΚΥΒΕΡΝΗΤΗΣ ΤΟΥ ΑΕΡΟΠΛΑΝΟΦΟΡΟΥ «ΜΕΛΒΟΥΡΝΗ»

ΣΥΔΝΕΥ, 3. (Ρόυτερ). — Ο κυβερνήτης του αεροπλανοφόρου «Μελβούρνη» υπέβαλε παραίτησιν εκ των τάξεων του ναυτικού, μετά την σύγκρουσιν του σκάφους του μετά αμερικανικού αντιτορπιλλικού.

ΣΥΔΝΕΥ, 3. (Ρόυτερ). — Ο κυβερνήτης του αεροπλανοφόρου «Μελβούρνη» υπέβαλε παραίτησιν εκ των τάξεων του ναυτικού, μετά την σύγκρουσιν του σκάφους του μετά αμερικανικού αντιτορπιλλικού.

ΚΗΔΕΙΑΙ
Τήν λατρευτήν μας μητέρα, άδελφήν καί γιαγιάν
ΕΛΕΝΗΝ ΣΙΦΑΚΡΙΚΑ
τό γένος Τσαπράζη
Τήν λατρευτήν μας μητέρα καί γιαγιάν
ΑΛΕΞΑΝΔΡΑΝ ΜΑΝΟΥΣΑΡΙΔΟΥ
ετών 73
Τόν άγαπημένον μας σύζυγον, πατέρα
ΧΑΡΙΛΑΟΝ Σ. ΚΑΡΑΚΑΡΗ
ετών 59
